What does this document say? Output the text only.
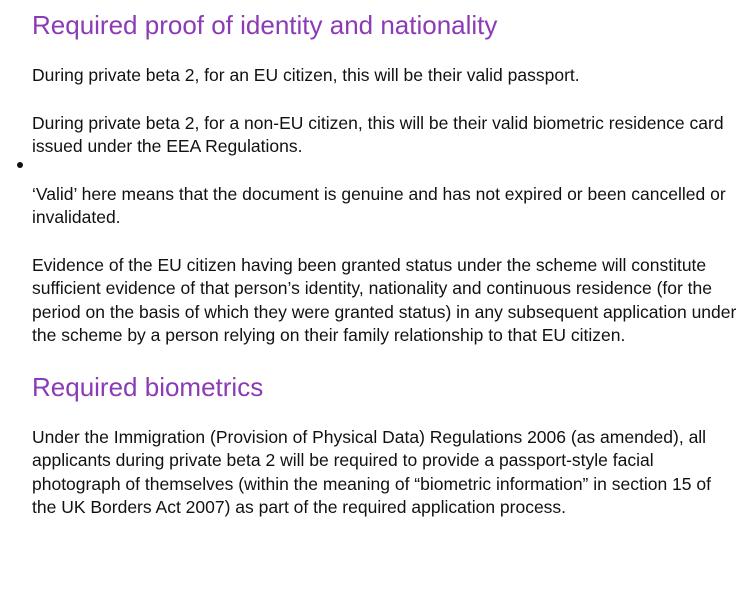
Required proof of identity and nationality

During private beta 2, for an EU citizen, this will be their valid passport.

During private beta 2, for a non-EU citizen, this will be their valid biometric residence card issued under the EEA Regulations.

‘Valid’ here means that the document is genuine and has not expired or been cancelled or invalidated.

Evidence of the EU citizen having been granted status under the scheme will constitute sufficient evidence of that person’s identity, nationality and continuous residence (for the period on the basis of which they were granted status) in any subsequent application under the scheme by a person relying on their family relationship to that EU citizen.

Required biometrics

Under the Immigration (Provision of Physical Data) Regulations 2006 (as amended), all applicants during private beta 2 will be required to provide a passport-style facial photograph of themselves (within the meaning of “biometric information” in section 15 of the UK Borders Act 2007) as part of the required application process.
